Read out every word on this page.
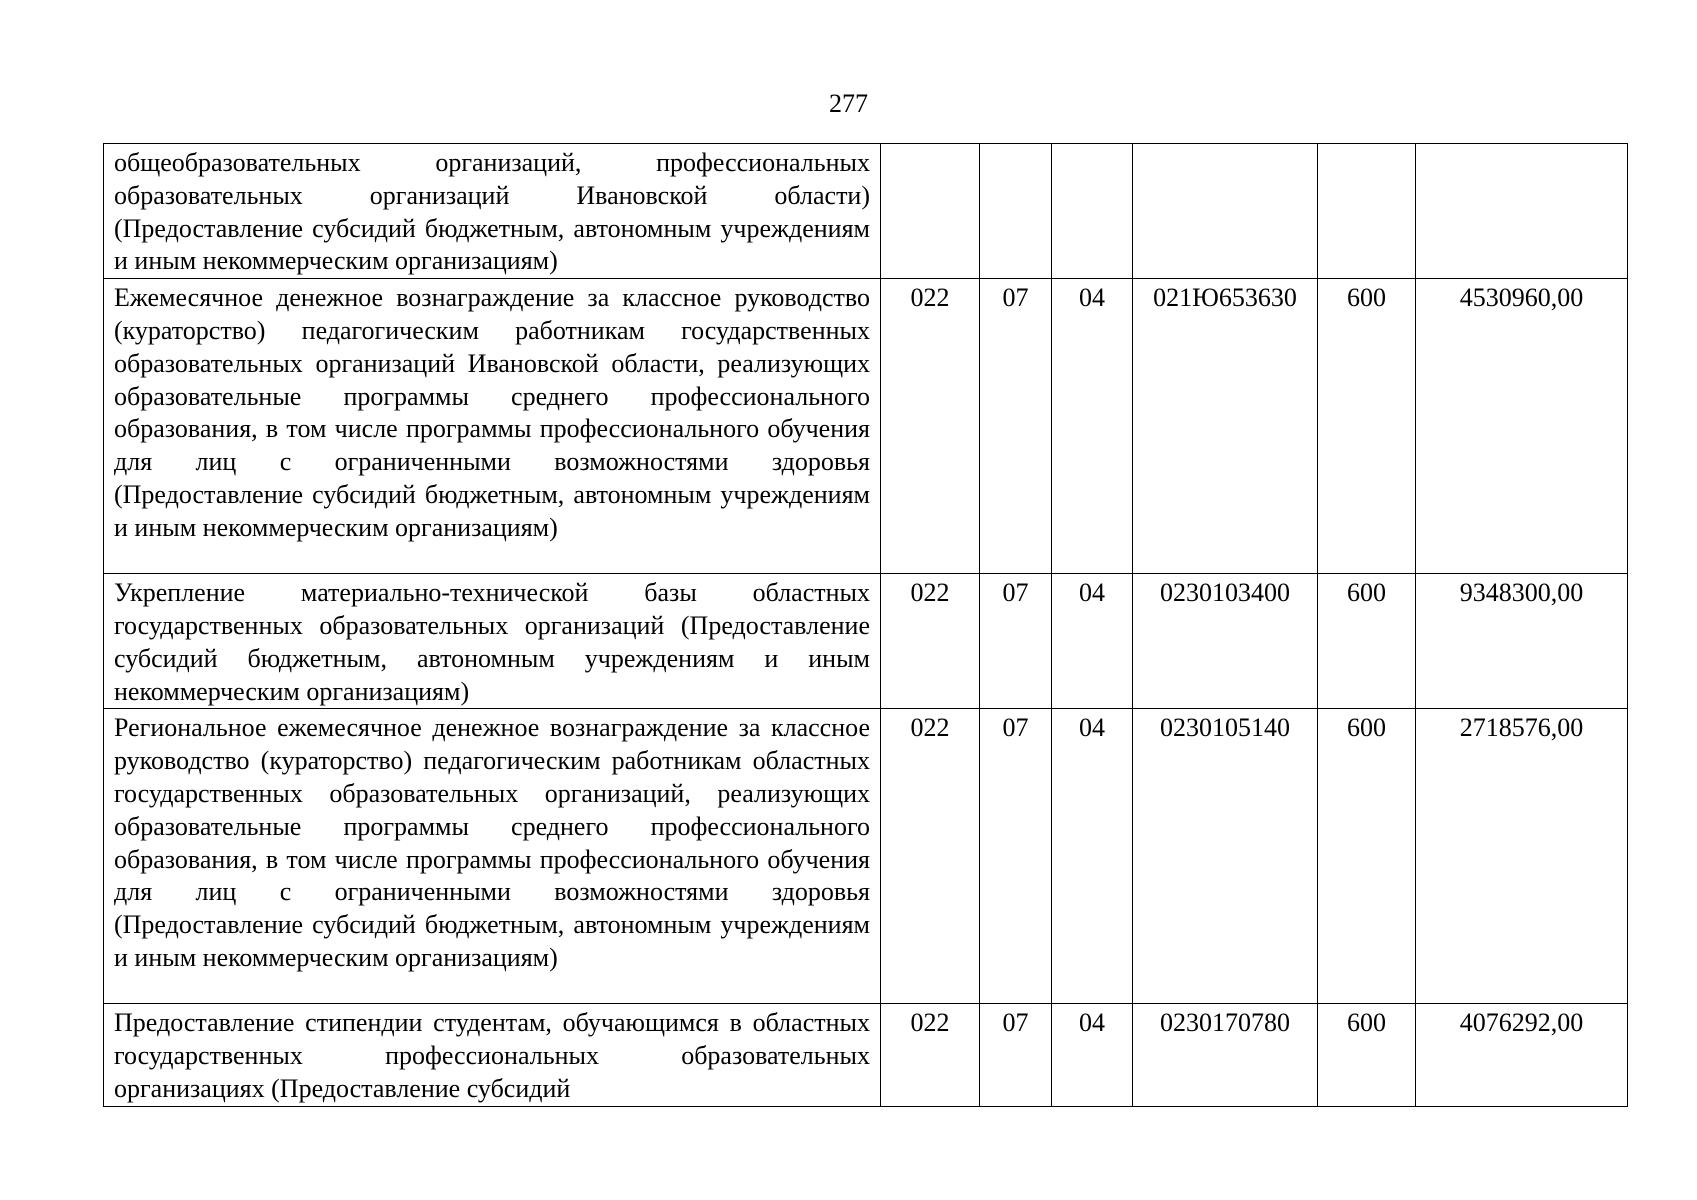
277
общеобразовательных организаций, профессиональных образовательных организаций Ивановской области) (Предоставление субсидий бюджетным, автономным учреждениям и иным некоммерческим организациям)						
Ежемесячное денежное вознаграждение за классное руководство (кураторство) педагогическим работникам государственных образовательных организаций Ивановской области, реализующих образовательные программы среднего профессионального образования, в том числе программы профессионального обучения для лиц с ограниченными возможностями здоровья (Предоставление субсидий бюджетным, автономным учреждениям и иным некоммерческим организациям)	022	07	04	021Ю653630	600	4530960,00
Укрепление материально-технической базы областных государственных образовательных организаций (Предоставление субсидий бюджетным, автономным учреждениям и иным некоммерческим организациям)	022	07	04	0230103400	600	9348300,00
Региональное ежемесячное денежное вознаграждение за классное руководство (кураторство) педагогическим работникам областных государственных образовательных организаций, реализующих образовательные программы среднего профессионального образования, в том числе программы профессионального обучения для лиц с ограниченными возможностями здоровья (Предоставление субсидий бюджетным, автономным учреждениям и иным некоммерческим организациям)	022	07	04	0230105140	600	2718576,00
Предоставление стипендии студентам, обучающимся в областных государственных профессиональных образовательных организациях (Предоставление субсидий	022	07	04	0230170780	600	4076292,00
